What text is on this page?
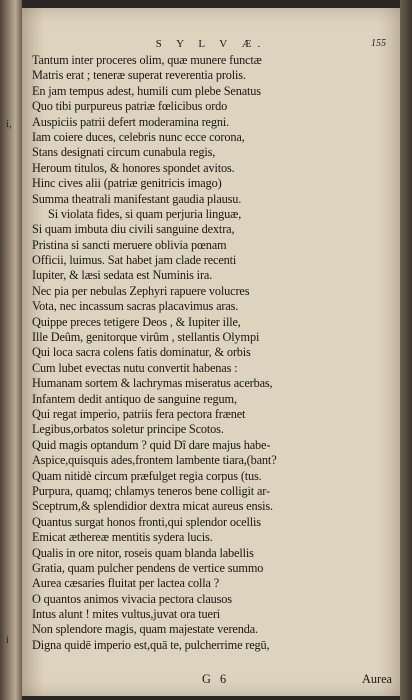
i,
i
S Y L V Æ.	155
Tantum inter proceres olim, quæ munere functæ
Matris erat ; teneræ superat reverentia prolis.
En jam tempus adest, humili cum plebe Senatus
Quo tibi purpureus patriæ fœlicibus ordo
Auspiciis patrii defert moderamina regni.
Iam coiere duces, celebris nunc ecce corona,
Stans designati circum cunabula regis,
Heroum titulos, & honores spondet avitos.
Hinc cives alii (patriæ genitricis imago)
Summa theatrali manifestant gaudia plausu.
Si violata fides, si quam perjuria linguæ,
Si quam imbuta diu civili sanguine dextra,
Pristina si sancti meruere oblivia pœnam
Officii, luimus. Sat habet jam clade recenti
Iupiter, & læsi sedata est Numinis ira.
Nec pia per nebulas Zephyri rapuere volucres
Vota, nec incassum sacras placavimus aras.
Quippe preces tetigere Deos , & Iupiter ille,
Ille Deûm, genitorque virûm , stellantis Olympi
Qui loca sacra colens fatis dominatur, & orbis
Cum lubet evectas nutu convertit habenas :
Humanam sortem & lachrymas miseratus acerbas,
Infantem dedit antiquo de sanguine regum,
Qui regat imperio, patriis fera pectora frænet
Legibus,orbatos soletur principe Scotos.
Quid magis optandum ? quid Dî dare majus habe-
Aspice,quisquis ades,frontem lambente tiara,(bant?
Quam nitidè circum præfulget regia corpus (tus.
Purpura, quamq; chlamys teneros bene colligit ar-
Sceptrum,& splendidior dextra micat aureus ensis.
Quantus surgat honos fronti,qui splendor ocellis
Emicat æthereæ mentitis sydera lucis.
Qualis in ore nitor, roseis quam blanda labellis
Gratia, quam pulcher pendens de vertice summo
Aurea cæsaries fluitat per lactea colla ?
O quantos animos vivacia pectora clausos
Intus alunt ! mites vultus,juvat ora tueri
Non splendore magis, quam majestate verenda.
Digna quidē imperio est,quā te, pulcherrime regū,
G 6	Aurea
